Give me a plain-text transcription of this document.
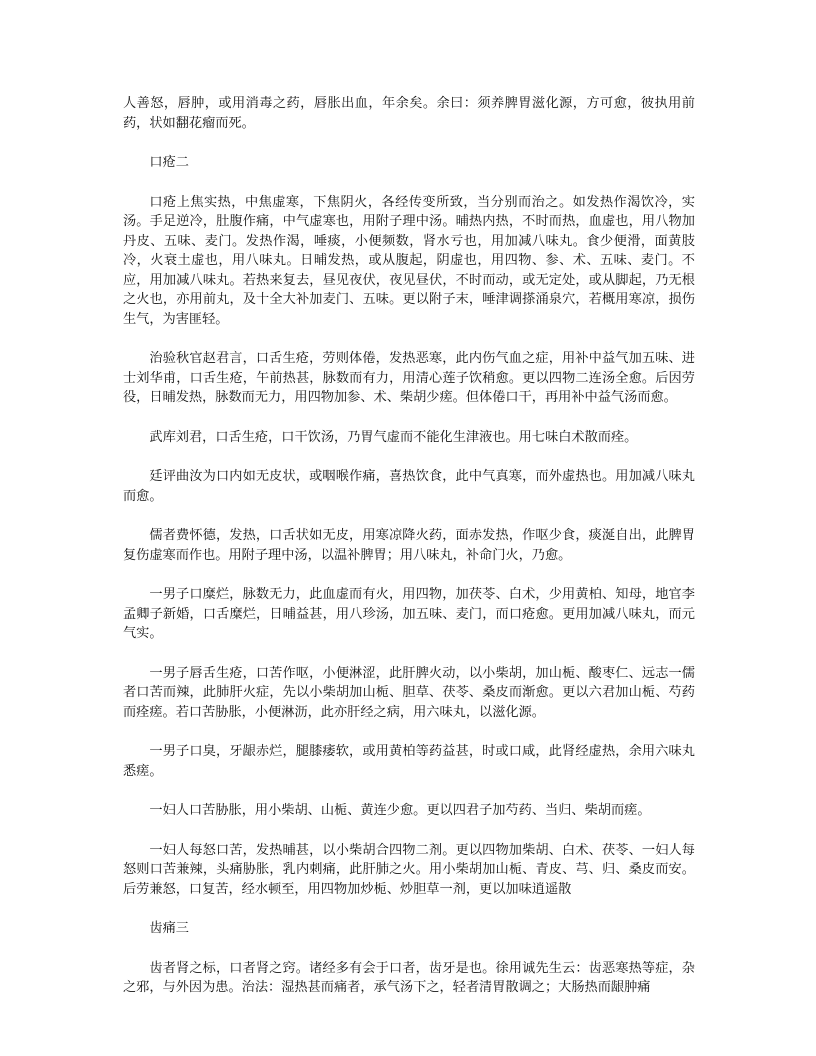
人善怒，唇肿，或用消毒之药，唇胀出血，年余矣。余曰：须养脾胃滋化源，方可愈，彼执用前药，状如翻花瘤而死。

口疮二

口疮上焦实热，中焦虚寒，下焦阴火，各经传变所致，当分别而治之。如发热作渴饮冷，实汤。手足逆冷，肚腹作痛，中气虚寒也，用附子理中汤。晡热内热，不时而热，血虚也，用八物加丹皮、五味、麦门。发热作渴，唾痰，小便频数，肾水亏也，用加减八味丸。食少便滑，面黄肢冷，火衰土虚也，用八味丸。日晡发热，或从腹起，阴虚也，用四物、参、术、五味、麦门。不应，用加减八味丸。若热来复去，昼见夜伏，夜见昼伏，不时而动，或无定处，或从脚起，乃无根之火也，亦用前丸，及十全大补加麦门、五味。更以附子末，唾津调搽涌泉穴，若概用寒凉，损伤生气，为害匪轻。

治验秋官赵君言，口舌生疮，劳则体倦，发热恶寒，此内伤气血之症，用补中益气加五味、进士刘华甫，口舌生疮，午前热甚，脉数而有力，用清心莲子饮稍愈。更以四物二连汤全愈。后因劳役，日晡发热，脉数而无力，用四物加参、术、柴胡少瘥。但体倦口干，再用补中益气汤而愈。

武库刘君，口舌生疮，口干饮汤，乃胃气虚而不能化生津液也。用七味白术散而痊。

廷评曲汝为口内如无皮状，或咽喉作痛，喜热饮食，此中气真寒，而外虚热也。用加减八味丸而愈。

儒者费怀德，发热，口舌状如无皮，用寒凉降火药，面赤发热，作呕少食，痰涎自出，此脾胃复伤虚寒而作也。用附子理中汤，以温补脾胃；用八味丸，补命门火，乃愈。

一男子口糜烂，脉数无力，此血虚而有火，用四物，加茯苓、白术，少用黄柏、知母，地官李孟卿子新婚，口舌糜烂，日晡益甚，用八珍汤，加五味、麦门，而口疮愈。更用加减八味丸，而元气实。

一男子唇舌生疮，口苦作呕，小便淋涩，此肝脾火动，以小柴胡，加山栀、酸枣仁、远志一儒者口苦而辣，此肺肝火症，先以小柴胡加山栀、胆草、茯苓、桑皮而渐愈。更以六君加山栀、芍药而痊瘥。若口苦胁胀，小便淋沥，此亦肝经之病，用六味丸，以滋化源。

一男子口臭，牙龈赤烂，腿膝痿软，或用黄柏等药益甚，时或口咸，此肾经虚热，余用六味丸悉瘥。

一妇人口苦胁胀，用小柴胡、山栀、黄连少愈。更以四君子加芍药、当归、柴胡而瘥。

一妇人每怒口苦，发热晡甚，以小柴胡合四物二剂。更以四物加柴胡、白术、茯苓、一妇人每怒则口苦兼辣，头痛胁胀，乳内刺痛，此肝肺之火。用小柴胡加山栀、青皮、芎、归、桑皮而安。后劳兼怒，口复苦，经水顿至，用四物加炒栀、炒胆草一剂，更以加味逍遥散

齿痛三

齿者肾之标，口者肾之窍。诸经多有会于口者，齿牙是也。徐用诚先生云：齿恶寒热等症，杂之邪，与外因为患。治法：湿热甚而痛者，承气汤下之，轻者清胃散调之；大肠热而龈肿痛
